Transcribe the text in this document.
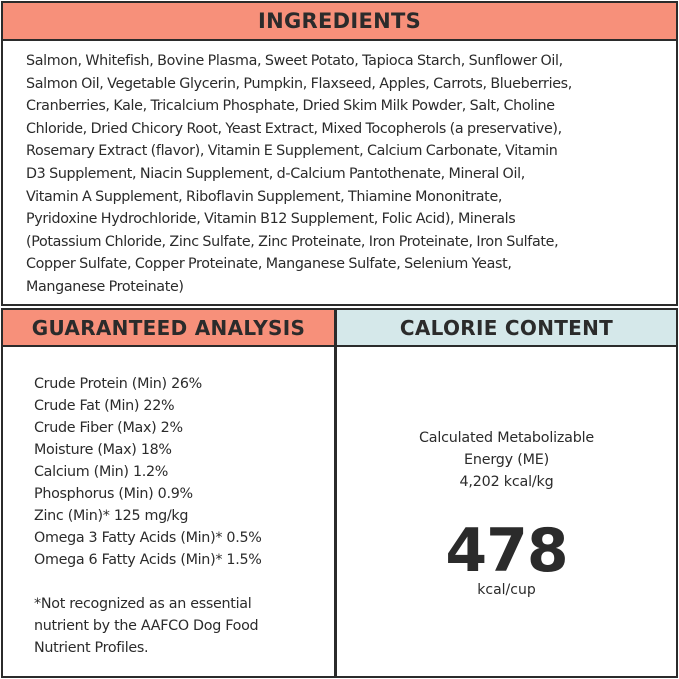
INGREDIENTS
Salmon, Whitefish, Bovine Plasma, Sweet Potato, Tapioca Starch, Sunflower Oil,
Salmon Oil, Vegetable Glycerin, Pumpkin, Flaxseed, Apples, Carrots, Blueberries,
Cranberries, Kale, Tricalcium Phosphate, Dried Skim Milk Powder, Salt, Choline
Chloride, Dried Chicory Root, Yeast Extract, Mixed Tocopherols (a preservative),
Rosemary Extract (flavor), Vitamin E Supplement, Calcium Carbonate, Vitamin
D3 Supplement, Niacin Supplement, d-Calcium Pantothenate, Mineral Oil,
Vitamin A Supplement, Riboflavin Supplement, Thiamine Mononitrate,
Pyridoxine Hydrochloride, Vitamin B12 Supplement, Folic Acid), Minerals
(Potassium Chloride, Zinc Sulfate, Zinc Proteinate, Iron Proteinate, Iron Sulfate,
Copper Sulfate, Copper Proteinate, Manganese Sulfate, Selenium Yeast,
Manganese Proteinate)
GUARANTEED ANALYSIS
Crude Protein (Min) 26%
Crude Fat (Min) 22%
Crude Fiber (Max) 2%
Moisture (Max) 18%
Calcium (Min) 1.2%
Phosphorus (Min) 0.9%
Zinc (Min)* 125 mg/kg
Omega 3 Fatty Acids (Min)* 0.5%
Omega 6 Fatty Acids (Min)* 1.5%
*Not recognized as an essential
nutrient by the AAFCO Dog Food
Nutrient Profiles.
CALORIE CONTENT
Calculated Metabolizable
Energy (ME)
4,202 kcal/kg
478
kcal/cup
